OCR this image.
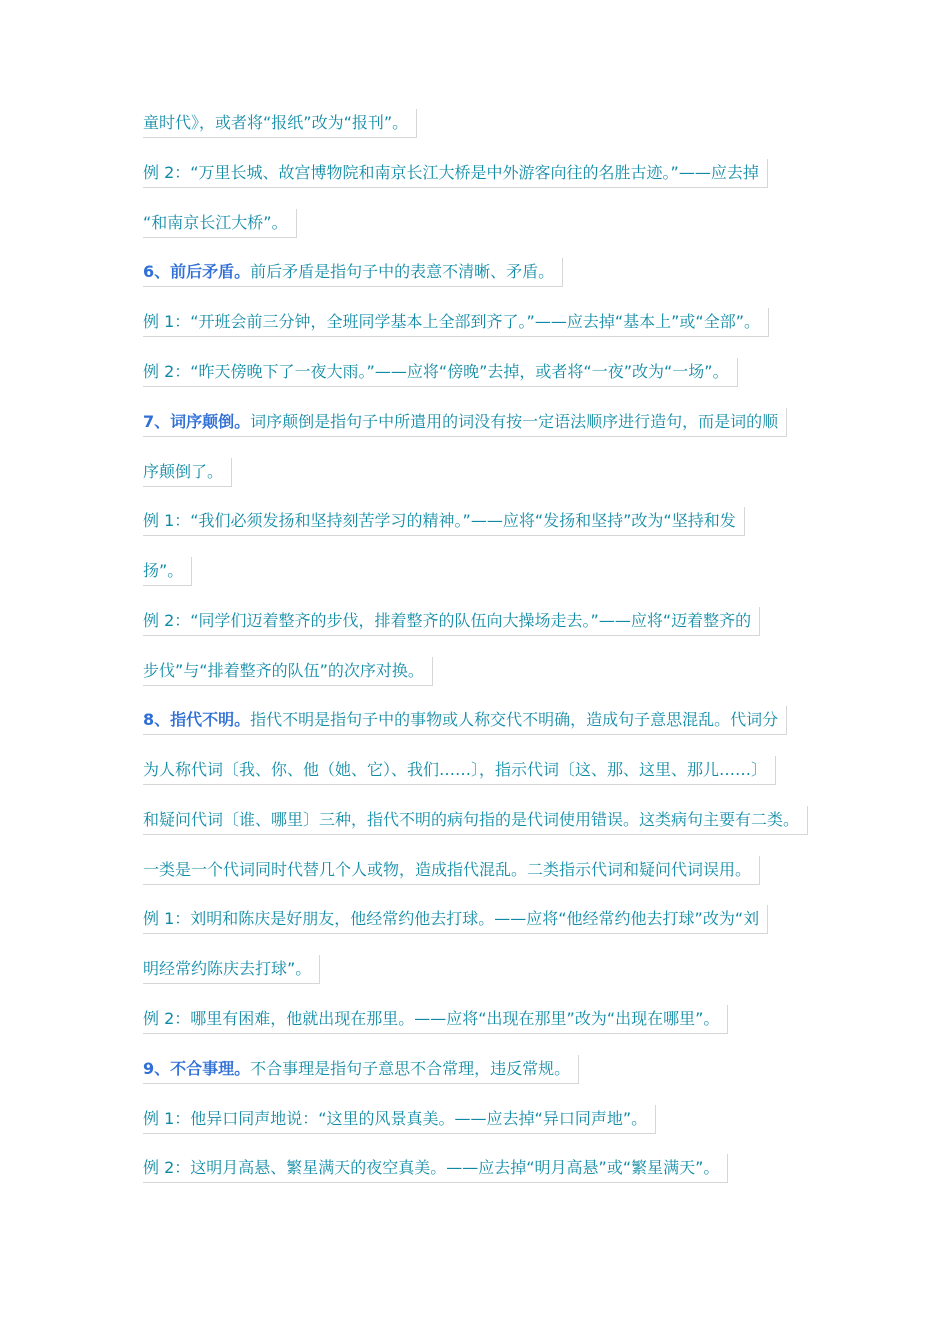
童时代》，或者将“报纸”改为“报刊”。
例 2：“万里长城、故宫博物院和南京长江大桥是中外游客向往的名胜古迹。”——应去掉
“和南京长江大桥”。
6、前后矛盾。前后矛盾是指句子中的表意不清晰、矛盾。
例 1：“开班会前三分钟，全班同学基本上全部到齐了。”——应去掉“基本上”或“全部”。
例 2：“昨天傍晚下了一夜大雨。”——应将“傍晚”去掉，或者将“一夜”改为“一场”。
7、词序颠倒。词序颠倒是指句子中所遣用的词没有按一定语法顺序进行造句，而是词的顺
序颠倒了。
例 1：“我们必须发扬和坚持刻苦学习的精神。”——应将“发扬和坚持”改为“坚持和发
扬”。
例 2：“同学们迈着整齐的步伐，排着整齐的队伍向大操场走去。”——应将“迈着整齐的
步伐”与“排着整齐的队伍”的次序对换。
8、指代不明。指代不明是指句子中的事物或人称交代不明确，造成句子意思混乱。代词分
为人称代词〔我、你、他（她、它）、我们……〕，指示代词〔这、那、这里、那儿……〕
和疑问代词〔谁、哪里〕三种，指代不明的病句指的是代词使用错误。这类病句主要有二类。
一类是一个代词同时代替几个人或物，造成指代混乱。二类指示代词和疑问代词误用。
例 1：刘明和陈庆是好朋友，他经常约他去打球。——应将“他经常约他去打球”改为“刘
明经常约陈庆去打球”。
例 2：哪里有困难，他就出现在那里。——应将“出现在那里”改为“出现在哪里”。
9、不合事理。不合事理是指句子意思不合常理，违反常规。
例 1：他异口同声地说：“这里的风景真美。——应去掉“异口同声地”。
例 2：这明月高悬、繁星满天的夜空真美。——应去掉“明月高悬”或“繁星满天”。
